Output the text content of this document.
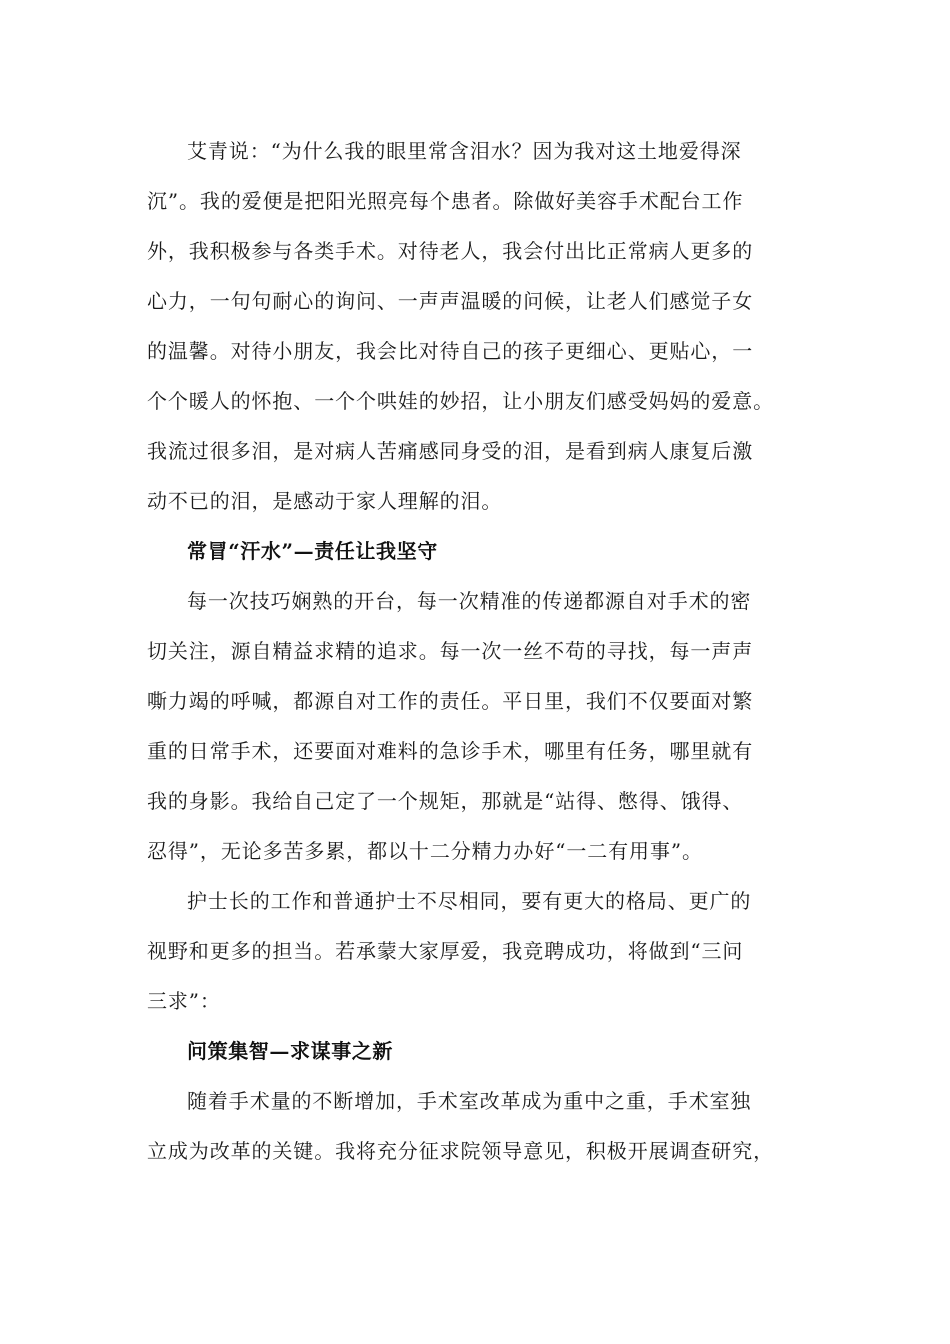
艾青说：“为什么我的眼里常含泪水？因为我对这土地爱得深
沉”。我的爱便是把阳光照亮每个患者。除做好美容手术配台工作
外，我积极参与各类手术。对待老人，我会付出比正常病人更多的
心力，一句句耐心的询问、一声声温暖的问候，让老人们感觉子女
的温馨。对待小朋友，我会比对待自己的孩子更细心、更贴心，一
个个暖人的怀抱、一个个哄娃的妙招，让小朋友们感受妈妈的爱意。
我流过很多泪，是对病人苦痛感同身受的泪，是看到病人康复后激
动不已的泪，是感动于家人理解的泪。
常冒“汗水”—责任让我坚守
每一次技巧娴熟的开台，每一次精准的传递都源自对手术的密
切关注，源自精益求精的追求。每一次一丝不苟的寻找，每一声声
嘶力竭的呼喊，都源自对工作的责任。平日里，我们不仅要面对繁
重的日常手术，还要面对难料的急诊手术，哪里有任务，哪里就有
我的身影。我给自己定了一个规矩，那就是“站得、憋得、饿得、
忍得”，无论多苦多累，都以十二分精力办好“一二有用事”。
护士长的工作和普通护士不尽相同，要有更大的格局、更广的
视野和更多的担当。若承蒙大家厚爱，我竞聘成功，将做到“三问
三求”：
问策集智—求谋事之新
随着手术量的不断增加，手术室改革成为重中之重，手术室独
立成为改革的关键。我将充分征求院领导意见，积极开展调查研究，
